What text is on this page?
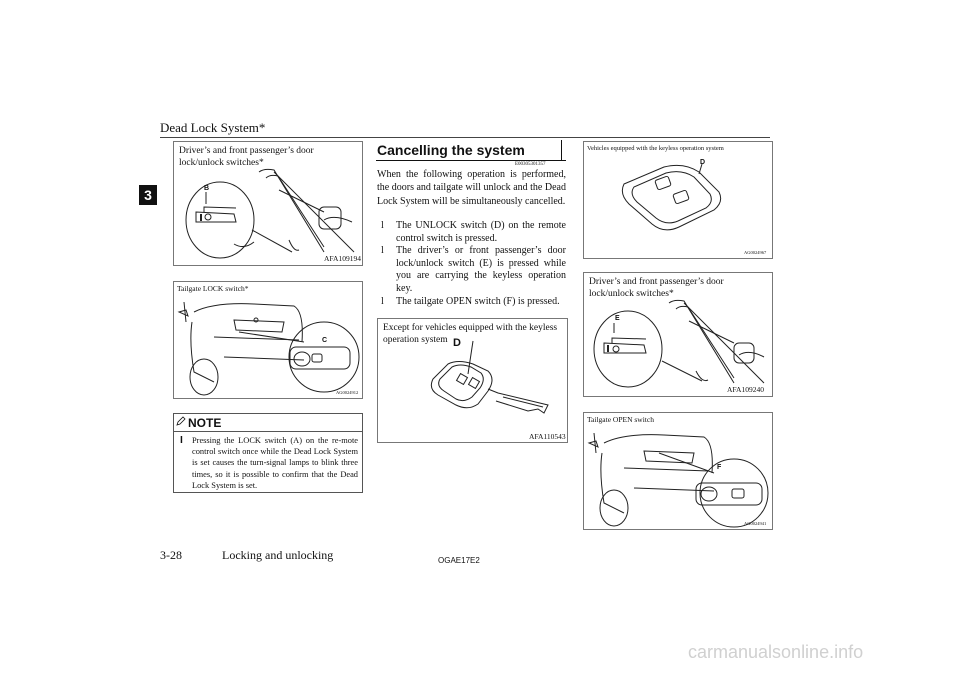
Dead Lock System*
3
Driver’s and front passenger’s door lock/unlock switches*
B
AFA109194
Tailgate LOCK switch*
C
AG0024912
NOTE
l	Pressing the LOCK switch (A) on the re-mote control switch once while the Dead Lock System is set causes the turn-signal lamps to blink three times, so it is possible to confirm that the Dead Lock System is set.
Cancelling the system
E00305301357
When the following operation is performed, the doors and tailgate will unlock and the Dead Lock System will be simultaneously cancelled.
l The UNLOCK switch (D) on the remote control switch is pressed.
l The driver’s or front passenger’s door lock/unlock switch (E) is pressed while you are carrying the keyless operation key.
l The tailgate OPEN switch (F) is pressed.
Except for vehicles equipped with the keyless operation system D
AFA110543
Vehicles equipped with the keyless operation system
D
AG0024967
Driver’s and front passenger’s door lock/unlock switches*
E
AFA109240
Tailgate OPEN switch
F
AG0024941
3-28	Locking and unlocking	OGAE17E2
carmanualsonline.info
